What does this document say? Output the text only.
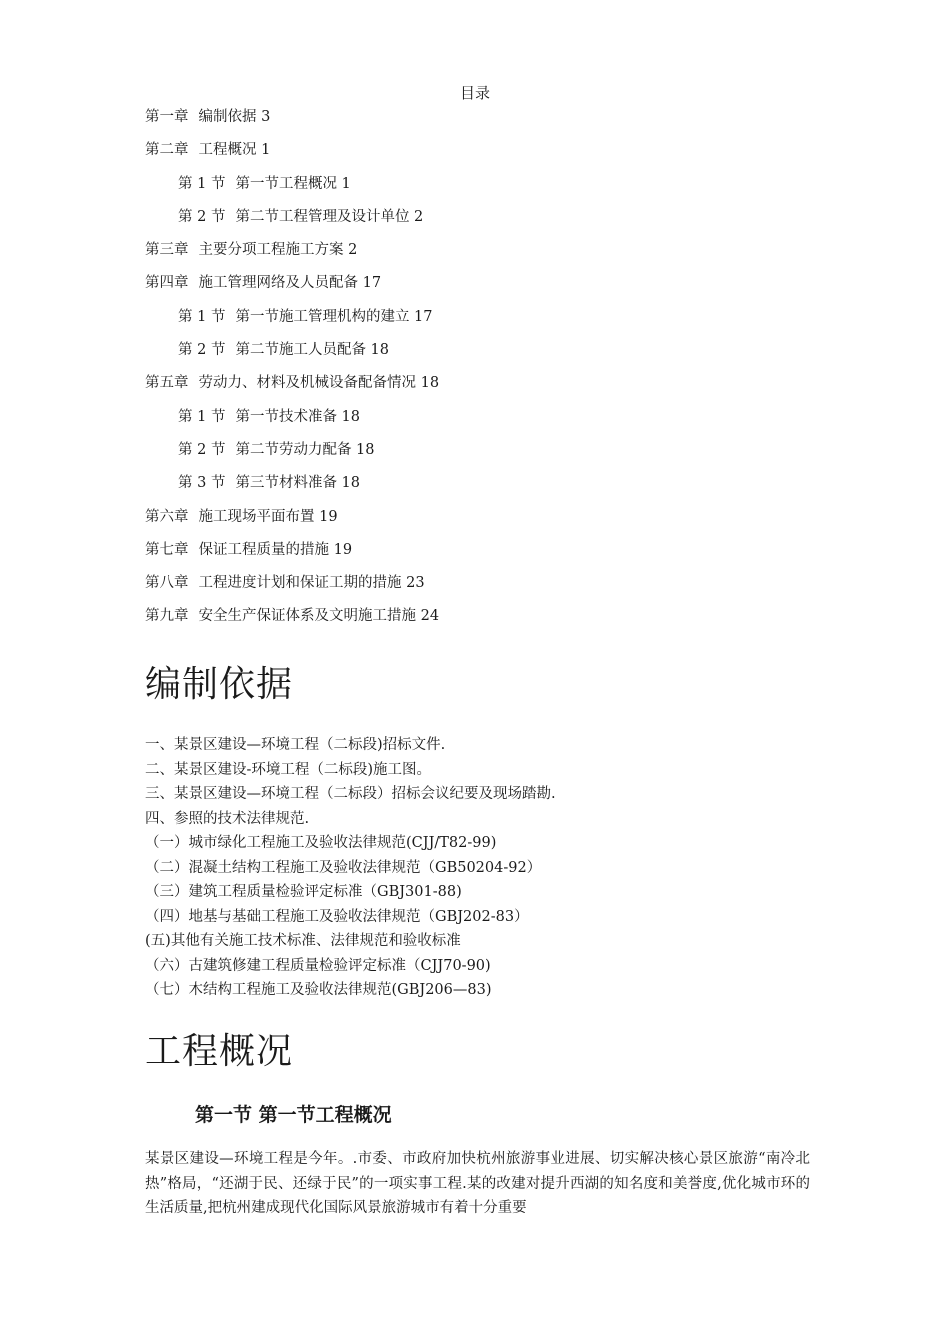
目录
第一章 编制依据 3
第二章 工程概况 1
第 1 节 第一节工程概况 1
第 2 节 第二节工程管理及设计单位 2
第三章 主要分项工程施工方案 2
第四章 施工管理网络及人员配备 17
第 1 节 第一节施工管理机构的建立 17
第 2 节 第二节施工人员配备 18
第五章 劳动力、材料及机械设备配备情况 18
第 1 节 第一节技术准备 18
第 2 节 第二节劳动力配备 18
第 3 节 第三节材料准备 18
第六章 施工现场平面布置 19
第七章 保证工程质量的措施 19
第八章 工程进度计划和保证工期的措施 23
第九章 安全生产保证体系及文明施工措施 24
编制依据

一、某景区建设—环境工程（二标段)招标文件.

二、某景区建设-环境工程（二标段)施工图。

三、某景区建设—环境工程（二标段）招标会议纪要及现场踏勘.

四、参照的技术法律规范.

（一）城市绿化工程施工及验收法律规范(CJJ/T82-99)

（二）混凝土结构工程施工及验收法律规范（GB50204-92）

（三）建筑工程质量检验评定标准（GBJ301-88)

（四）地基与基础工程施工及验收法律规范（GBJ202-83）

(五)其他有关施工技术标准、法律规范和验收标准

（六）古建筑修建工程质量检验评定标准（CJJ70-90)

（七）木结构工程施工及验收法律规范(GBJ206—83)

工程概况
第一节 第一节工程概况

某景区建设—环境工程是今年。.市委、市政府加快杭州旅游事业进展、切实解决核心景区旅游“南冷北热”格局，“还湖于民、还绿于民”的一项实事工程.某的改建对提升西湖的知名度和美誉度,优化城市环的生活质量,把杭州建成现代化国际风景旅游城市有着十分重要
